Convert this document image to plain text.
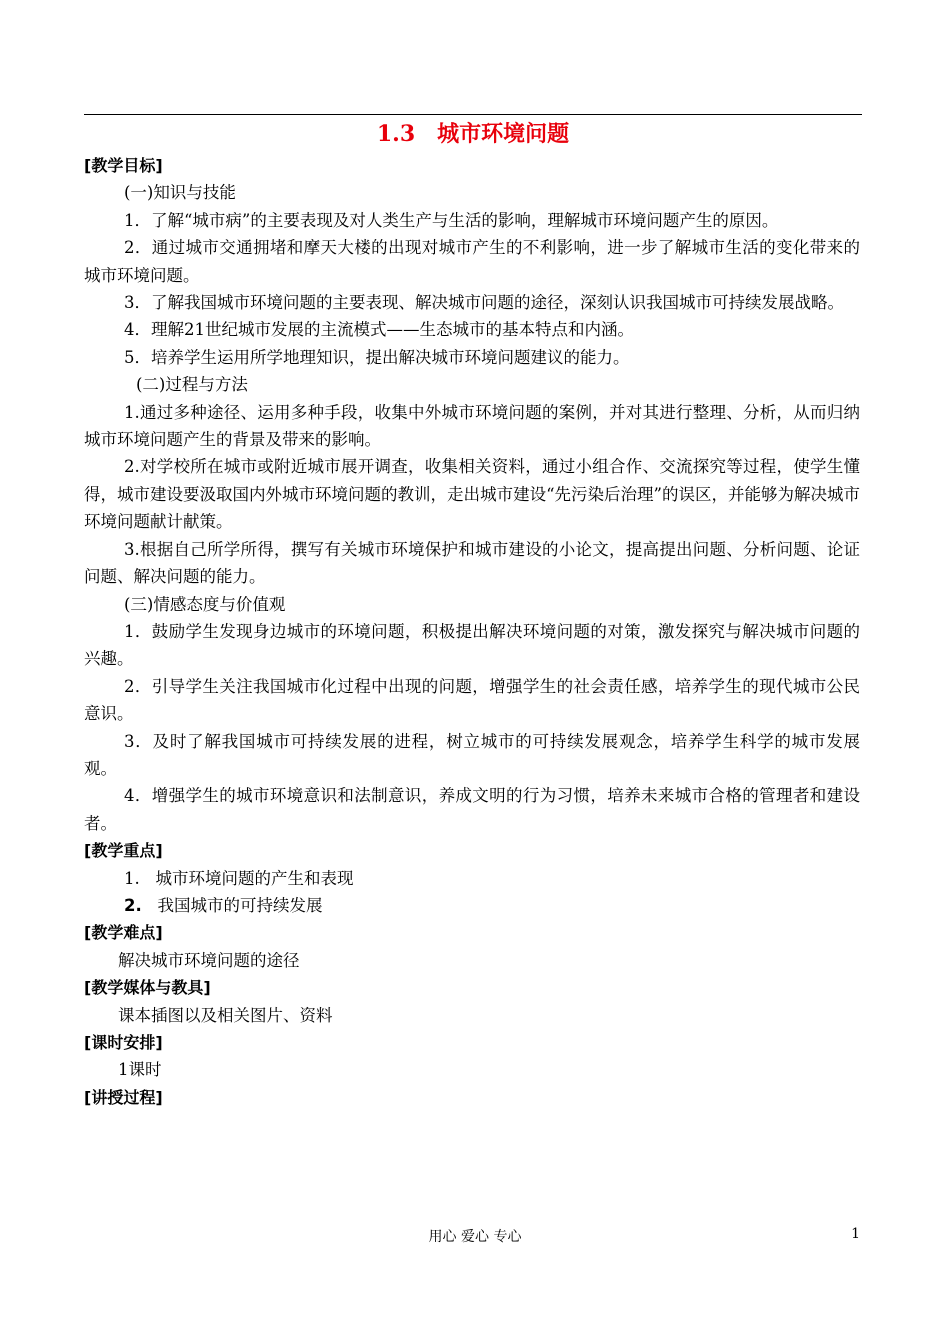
1.3　城市环境问题

[教学目标]

(一)知识与技能

1．了解“城市病”的主要表现及对人类生产与生活的影响，理解城市环境问题产生的原因。

2．通过城市交通拥堵和摩天大楼的出现对城市产生的不利影响，进一步了解城市生活的变化带来的城市环境问题。

3．了解我国城市环境问题的主要表现、解决城市问题的途径，深刻认识我国城市可持续发展战略。

4．理解21世纪城市发展的主流模式——生态城市的基本特点和内涵。

5．培养学生运用所学地理知识，提出解决城市环境问题建议的能力。

(二)过程与方法

1.通过多种途径、运用多种手段，收集中外城市环境问题的案例，并对其进行整理、分析，从而归纳城市环境问题产生的背景及带来的影响。

2.对学校所在城市或附近城市展开调查，收集相关资料，通过小组合作、交流探究等过程，使学生懂得，城市建设要汲取国内外城市环境问题的教训，走出城市建设“先污染后治理”的误区，并能够为解决城市环境问题献计献策。

3.根据自己所学所得，撰写有关城市环境保护和城市建设的小论文，提高提出问题、分析问题、论证问题、解决问题的能力。

(三)情感态度与价值观

1．鼓励学生发现身边城市的环境问题，积极提出解决环境问题的对策，激发探究与解决城市问题的兴趣。

2．引导学生关注我国城市化过程中出现的问题，增强学生的社会责任感，培养学生的现代城市公民意识。

3．及时了解我国城市可持续发展的进程，树立城市的可持续发展观念，培养学生科学的城市发展观。

4．增强学生的城市环境意识和法制意识，养成文明的行为习惯，培养未来城市合格的管理者和建设者。

[教学重点]

1. 城市环境问题的产生和表现

2. 我国城市的可持续发展

[教学难点]

解决城市环境问题的途径

[教学媒体与教具]

课本插图以及相关图片、资料

[课时安排]

1课时

[讲授过程]

用心 爱心 专心	1
